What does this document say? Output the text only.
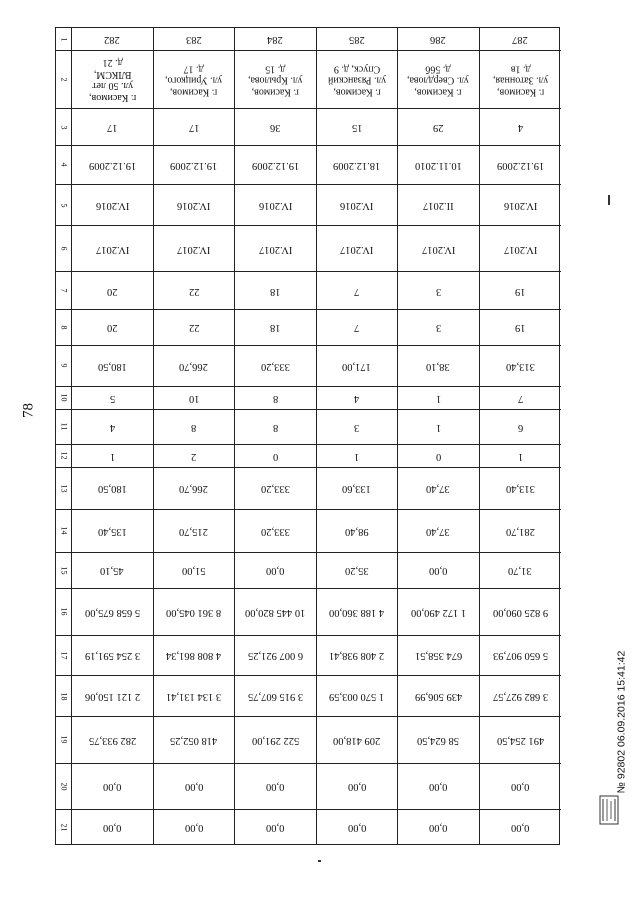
78
1
2
3
4
5
6
7
8
9
10
11
12
13
14
15
16
17
18
19
20
21
282
г. Касимов,
ул. 50 лет
ВЛКСМ,
д. 21
17
19.12.2009
IV.2016
IV.2017
20
20
180,50
5
4
1
180,50
135,40
45,10
5 658 675,00
3 254 591,19
2 121 150,06
282 933,75
0,00
0,00
283
г. Касимов,
ул. Урицкого,
д. 17
17
19.12.2009
IV.2016
IV.2017
22
22
266,70
10
8
2
266,70
215,70
51,00
8 361 045,00
4 808 861,34
3 134 131,41
418 052,25
0,00
0,00
284
г. Касимов,
ул. Крылова,
д. 15
36
19.12.2009
IV.2016
IV.2017
18
18
333,20
8
8
0
333,20
333,20
0,00
10 445 820,00
6 007 921,25
3 915 607,75
522 291,00
0,00
0,00
285
г. Касимов,
ул. Рязанский
Спуск, д. 9
15
18.12.2009
IV.2016
IV.2017
7
7
171,00
4
3
1
133,60
98,40
35,20
4 188 360,00
2 408 938,41
1 570 003,59
209 418,00
0,00
0,00
286
г. Касимов,
ул. Свердлова,
д. 56б
29
10.11.2010
II.2017
IV.2017
3
3
38,10
1
1
0
37,40
37,40
0,00
1 172 490,00
674 358,51
439 506,99
58 624,50
0,00
0,00
287
г. Касимов,
ул. Затонная,
д. 1в
4
19.12.2009
IV.2016
IV.2017
19
19
313,40
7
6
1
313,40
281,70
31,70
9 825 090,00
5 650 907,93
3 682 927,57
491 254,50
0,00
0,00
№ 92802 06.09.2016 15:41:42
